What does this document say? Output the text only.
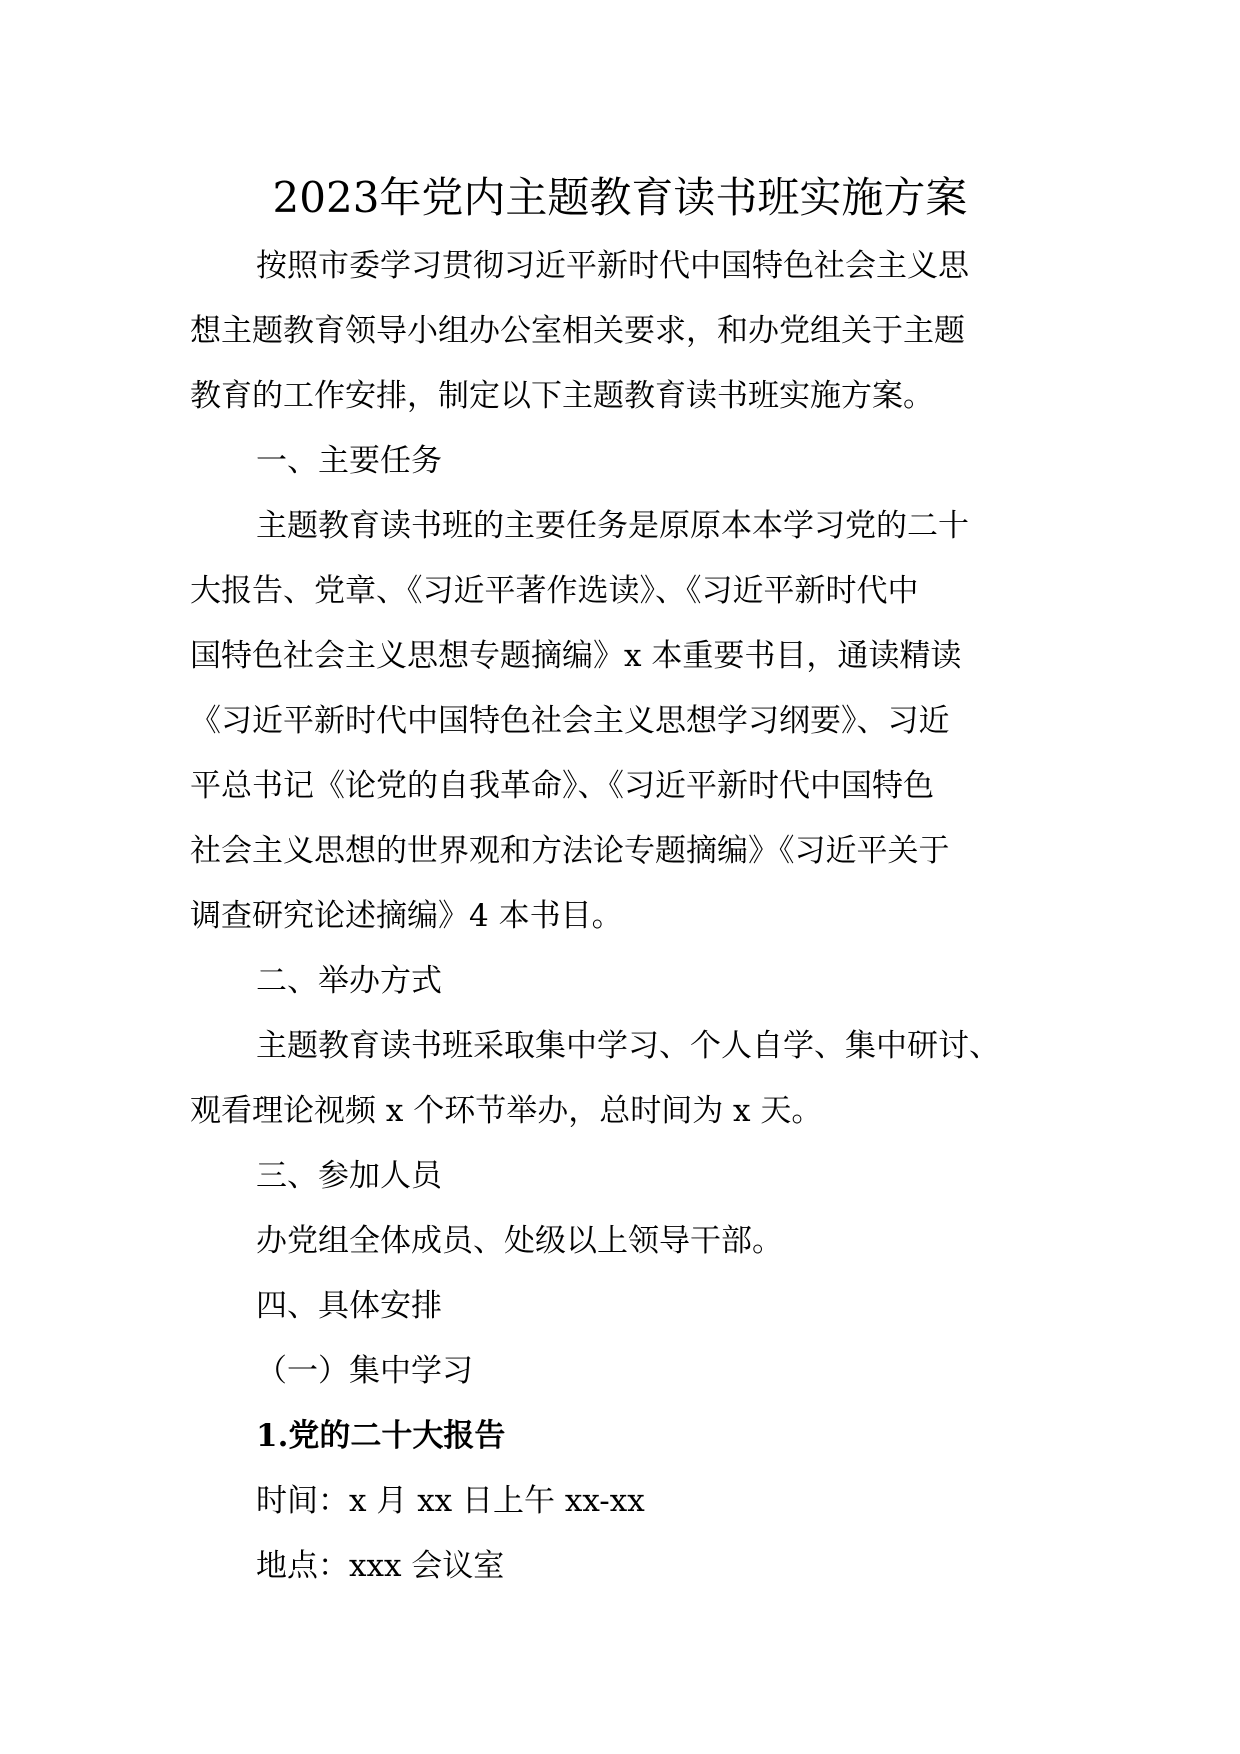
2023年党内主题教育读书班实施方案
按照市委学习贯彻习近平新时代中国特色社会主义思
想主题教育领导小组办公室相关要求，和办党组关于主题
教育的工作安排，制定以下主题教育读书班实施方案。
一、主要任务
主题教育读书班的主要任务是原原本本学习党的二十
大报告、党章、《习近平著作选读》、《习近平新时代中
国特色社会主义思想专题摘编》x 本重要书目，通读精读
《习近平新时代中国特色社会主义思想学习纲要》、习近
平总书记《论党的自我革命》、《习近平新时代中国特色
社会主义思想的世界观和方法论专题摘编》《习近平关于
调查研究论述摘编》4 本书目。
二、举办方式
主题教育读书班采取集中学习、个人自学、集中研讨、
观看理论视频 x 个环节举办，总时间为 x 天。
三、参加人员
办党组全体成员、处级以上领导干部。
四、具体安排
（一）集中学习
1.党的二十大报告
时间：x 月 xx 日上午 xx-xx
地点：xxx 会议室
